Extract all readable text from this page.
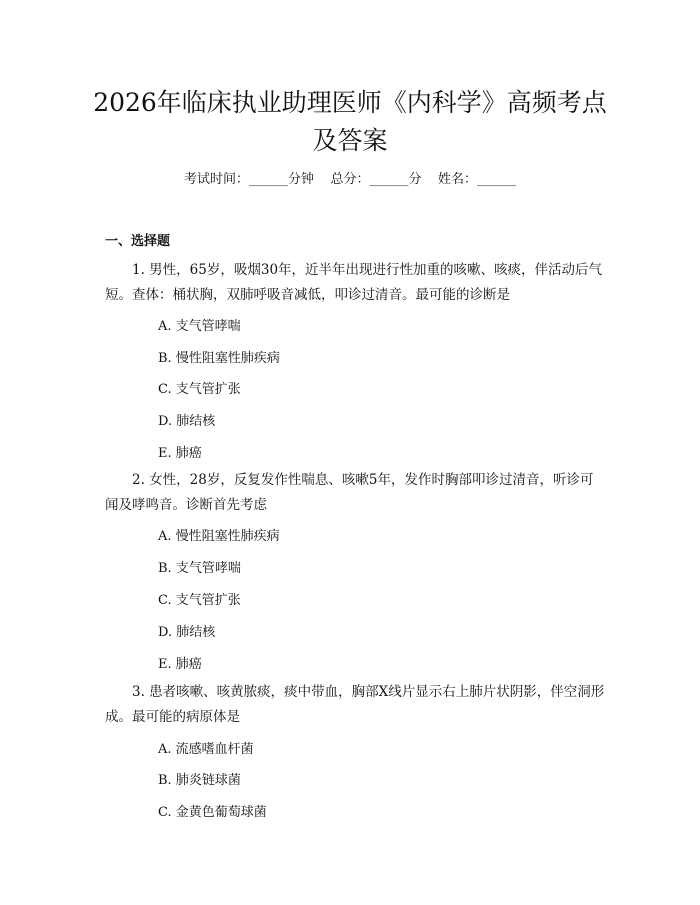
2026年临床执业助理医师《内科学》高频考点及答案
考试时间：______分钟    总分：______分    姓名：______
一、选择题
1. 男性，65岁，吸烟30年，近半年出现进行性加重的咳嗽、咳痰，伴活动后气短。查体：桶状胸，双肺呼吸音减低，叩诊过清音。最可能的诊断是
A. 支气管哮喘
B. 慢性阻塞性肺疾病
C. 支气管扩张
D. 肺结核
E. 肺癌
2. 女性，28岁，反复发作性喘息、咳嗽5年，发作时胸部叩诊过清音，听诊可闻及哮鸣音。诊断首先考虑
A. 慢性阻塞性肺疾病
B. 支气管哮喘
C. 支气管扩张
D. 肺结核
E. 肺癌
3. 患者咳嗽、咳黄脓痰，痰中带血，胸部X线片显示右上肺片状阴影，伴空洞形成。最可能的病原体是
A. 流感嗜血杆菌
B. 肺炎链球菌
C. 金黄色葡萄球菌
